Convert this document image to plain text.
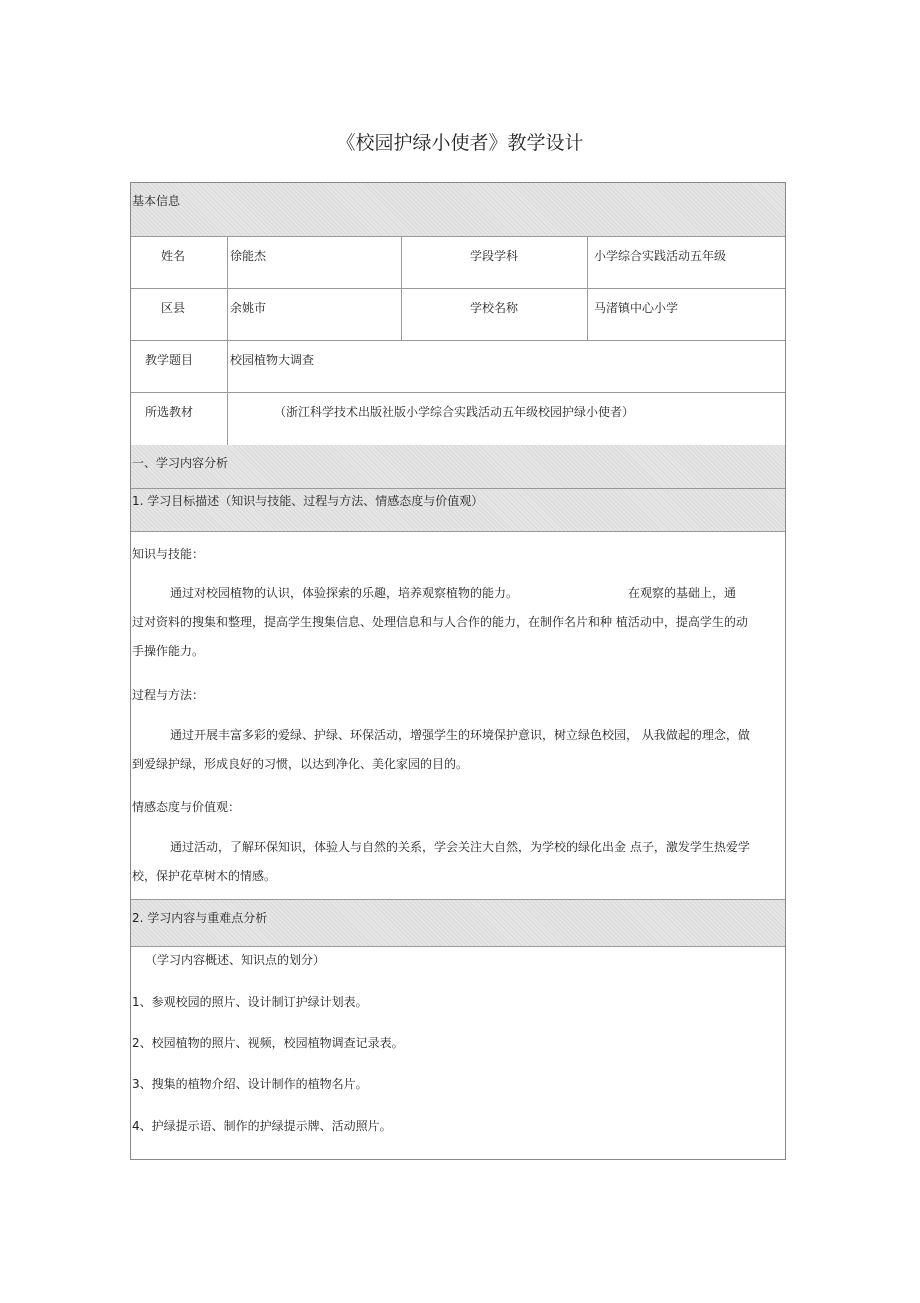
《校园护绿小使者》教学设计
基本信息
姓名	徐能杰	学段学科	小学综合实践活动五年级
区县	余姚市	学校名称	马渚镇中心小学
教学题目	校园植物大调查
所选教材	（浙江科学技术出版社版小学综合实践活动五年级校园护绿小使者）
一、学习内容分析
1. 学习目标描述（知识与技能、过程与方法、情感态度与价值观）
知识与技能：
通过对校园植物的认识，体验探索的乐趣，培养观察植物的能力。	在观察的基础上，通
过对资料的搜集和整理，提高学生搜集信息、处理信息和与人合作的能力，在制作名片和种 植活动中，提高学生的动
手操作能力。
过程与方法：
通过开展丰富多彩的爱绿、护绿、环保活动，增强学生的环境保护意识，树立绿色校园， 从我做起的理念，做
到爱绿护绿，形成良好的习惯，以达到净化、美化家园的目的。
情感态度与价值观：
通过活动，了解环保知识，体验人与自然的关系，学会关注大自然，为学校的绿化出金 点子，激发学生热爱学
校，保护花草树木的情感。
2. 学习内容与重难点分析
（学习内容概述、知识点的划分）
1、参观校园的照片、设计制订护绿计划表。
2、校园植物的照片、视频，校园植物调查记录表。
3、搜集的植物介绍、设计制作的植物名片。
4、护绿提示语、制作的护绿提示牌、活动照片。
